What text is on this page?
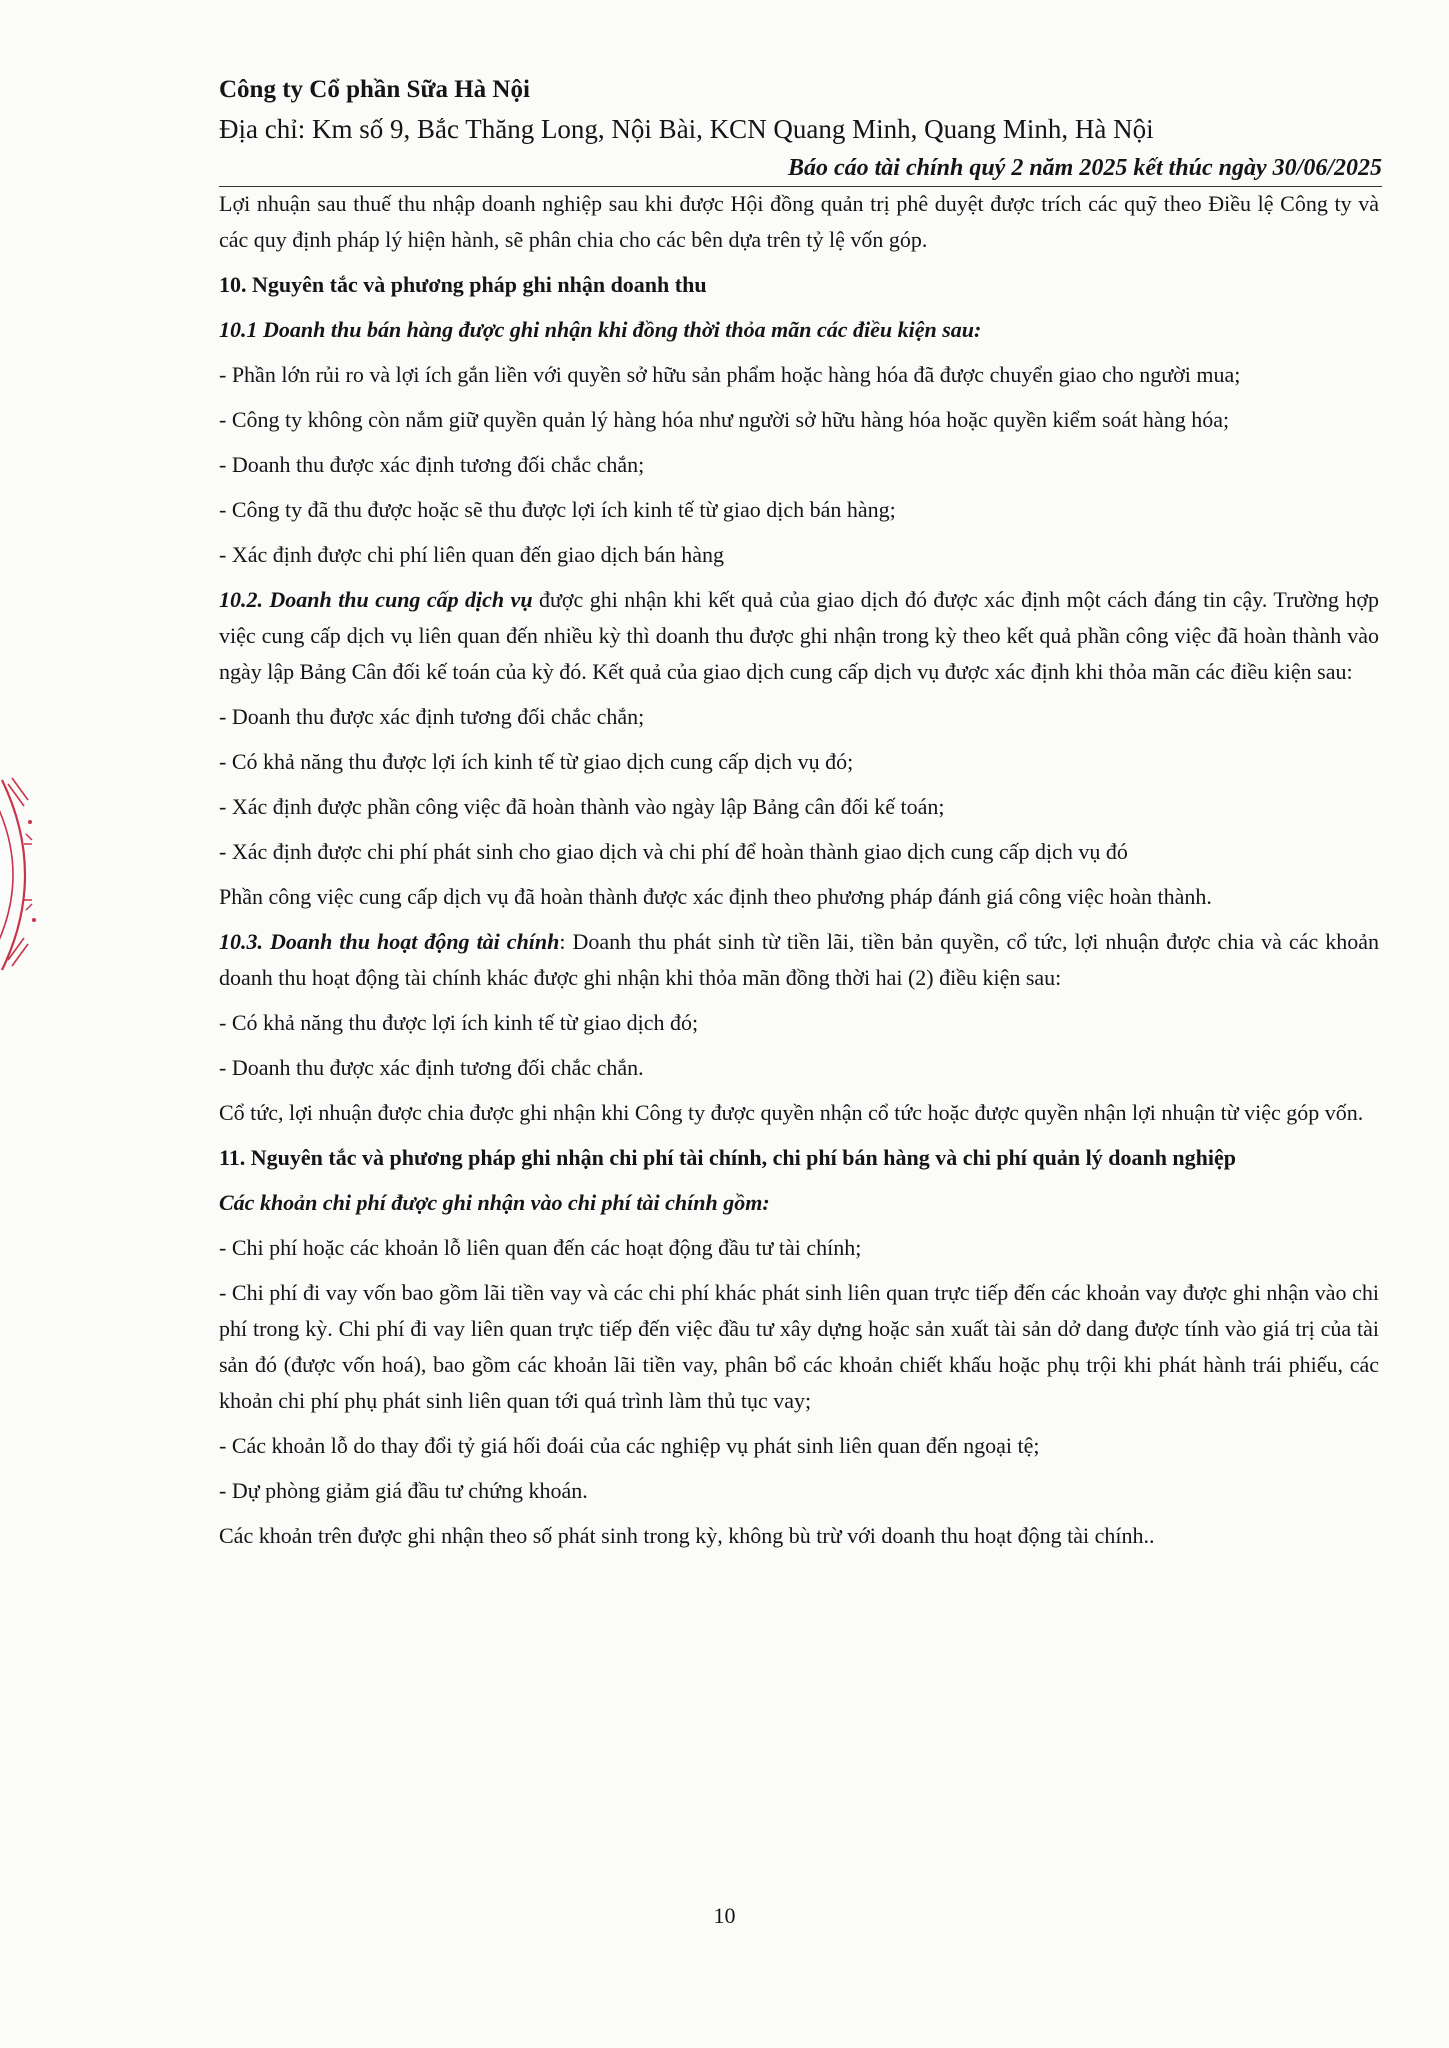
Công ty Cổ phần Sữa Hà Nội
Địa chỉ: Km số 9, Bắc Thăng Long, Nội Bài, KCN Quang Minh, Quang Minh, Hà Nội
Báo cáo tài chính quý 2 năm 2025 kết thúc ngày 30/06/2025
Lợi nhuận sau thuế thu nhập doanh nghiệp sau khi được Hội đồng quản trị phê duyệt được trích các quỹ theo Điều lệ Công ty và các quy định pháp lý hiện hành, sẽ phân chia cho các bên dựa trên tỷ lệ vốn góp.
10. Nguyên tắc và phương pháp ghi nhận doanh thu
10.1 Doanh thu bán hàng được ghi nhận khi đồng thời thỏa mãn các điều kiện sau:
- Phần lớn rủi ro và lợi ích gắn liền với quyền sở hữu sản phẩm hoặc hàng hóa đã được chuyển giao cho người mua;
- Công ty không còn nắm giữ quyền quản lý hàng hóa như người sở hữu hàng hóa hoặc quyền kiểm soát hàng hóa;
- Doanh thu được xác định tương đối chắc chắn;
- Công ty đã thu được hoặc sẽ thu được lợi ích kinh tế từ giao dịch bán hàng;
- Xác định được chi phí liên quan đến giao dịch bán hàng
10.2. Doanh thu cung cấp dịch vụ được ghi nhận khi kết quả của giao dịch đó được xác định một cách đáng tin cậy. Trường hợp việc cung cấp dịch vụ liên quan đến nhiều kỳ thì doanh thu được ghi nhận trong kỳ theo kết quả phần công việc đã hoàn thành vào ngày lập Bảng Cân đối kế toán của kỳ đó. Kết quả của giao dịch cung cấp dịch vụ được xác định khi thỏa mãn các điều kiện sau:
- Doanh thu được xác định tương đối chắc chắn;
- Có khả năng thu được lợi ích kinh tế từ giao dịch cung cấp dịch vụ đó;
- Xác định được phần công việc đã hoàn thành vào ngày lập Bảng cân đối kế toán;
- Xác định được chi phí phát sinh cho giao dịch và chi phí để hoàn thành giao dịch cung cấp dịch vụ đó
Phần công việc cung cấp dịch vụ đã hoàn thành được xác định theo phương pháp đánh giá công việc hoàn thành.
10.3. Doanh thu hoạt động tài chính: Doanh thu phát sinh từ tiền lãi, tiền bản quyền, cổ tức, lợi nhuận được chia và các khoản doanh thu hoạt động tài chính khác được ghi nhận khi thỏa mãn đồng thời hai (2) điều kiện sau:
- Có khả năng thu được lợi ích kinh tế từ giao dịch đó;
- Doanh thu được xác định tương đối chắc chắn.
Cổ tức, lợi nhuận được chia được ghi nhận khi Công ty được quyền nhận cổ tức hoặc được quyền nhận lợi nhuận từ việc góp vốn.
11. Nguyên tắc và phương pháp ghi nhận chi phí tài chính, chi phí bán hàng và chi phí quản lý doanh nghiệp
Các khoản chi phí được ghi nhận vào chi phí tài chính gồm:
- Chi phí hoặc các khoản lỗ liên quan đến các hoạt động đầu tư tài chính;
- Chi phí đi vay vốn bao gồm lãi tiền vay và các chi phí khác phát sinh liên quan trực tiếp đến các khoản vay được ghi nhận vào chi phí trong kỳ. Chi phí đi vay liên quan trực tiếp đến việc đầu tư xây dựng hoặc sản xuất tài sản dở dang được tính vào giá trị của tài sản đó (được vốn hoá), bao gồm các khoản lãi tiền vay, phân bổ các khoản chiết khấu hoặc phụ trội khi phát hành trái phiếu, các khoản chi phí phụ phát sinh liên quan tới quá trình làm thủ tục vay;
- Các khoản lỗ do thay đổi tỷ giá hối đoái của các nghiệp vụ phát sinh liên quan đến ngoại tệ;
- Dự phòng giảm giá đầu tư chứng khoán.
Các khoản trên được ghi nhận theo số phát sinh trong kỳ, không bù trừ với doanh thu hoạt động tài chính..
10
